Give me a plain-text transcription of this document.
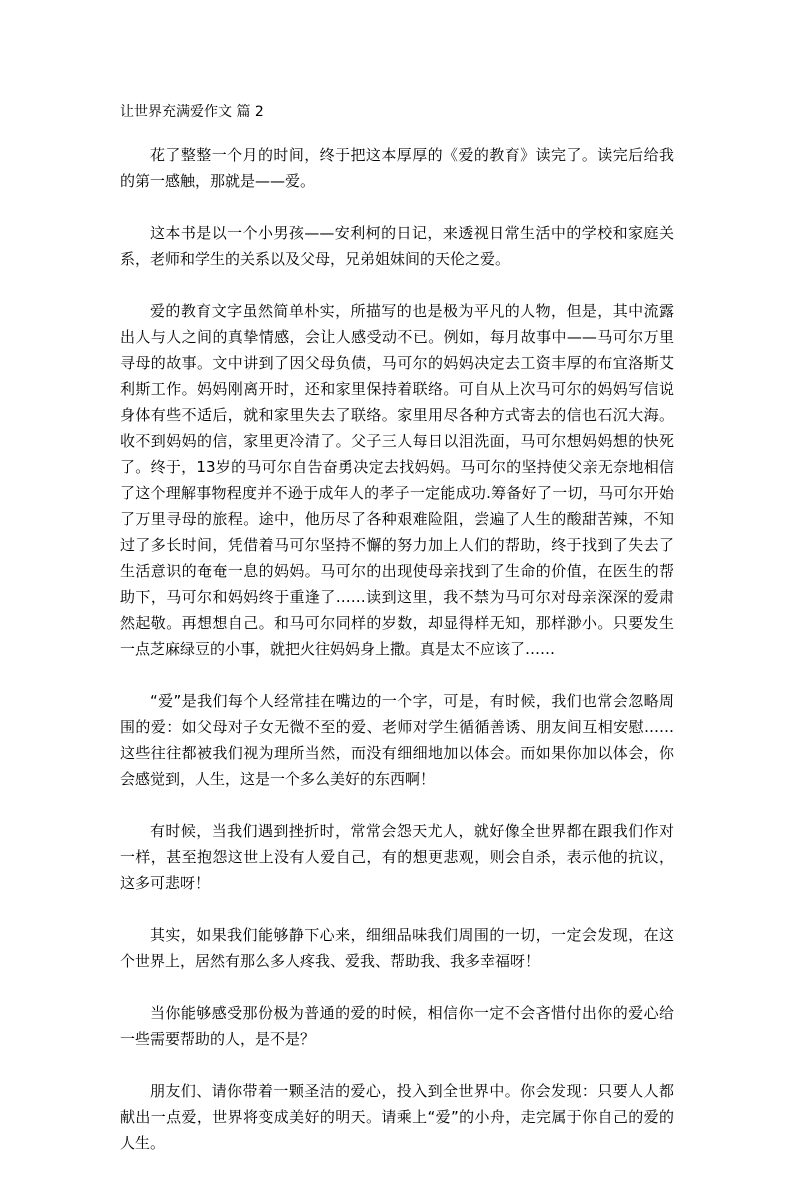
让世界充满爱作文 篇 2

花了整整一个月的时间，终于把这本厚厚的《爱的教育》读完了。读完后给我的第一感触，那就是——爱。

这本书是以一个小男孩——安利柯的日记，来透视日常生活中的学校和家庭关系，老师和学生的关系以及父母，兄弟姐妹间的天伦之爱。

爱的教育文字虽然简单朴实，所描写的也是极为平凡的人物，但是，其中流露出人与人之间的真挚情感，会让人感受动不已。例如，每月故事中——马可尔万里寻母的故事。文中讲到了因父母负债，马可尔的妈妈决定去工资丰厚的布宜洛斯艾利斯工作。妈妈刚离开时，还和家里保持着联络。可自从上次马可尔的妈妈写信说身体有些不适后，就和家里失去了联络。家里用尽各种方式寄去的信也石沉大海。收不到妈妈的信，家里更冷清了。父子三人每日以泪洗面，马可尔想妈妈想的快死了。终于，13岁的马可尔自告奋勇决定去找妈妈。马可尔的坚持使父亲无奈地相信了这个理解事物程度并不逊于成年人的孝子一定能成功.筹备好了一切，马可尔开始了万里寻母的旅程。途中，他历尽了各种艰难险阻，尝遍了人生的酸甜苦辣，不知过了多长时间，凭借着马可尔坚持不懈的努力加上人们的帮助，终于找到了失去了生活意识的奄奄一息的妈妈。马可尔的出现使母亲找到了生命的价值，在医生的帮助下，马可尔和妈妈终于重逢了……读到这里，我不禁为马可尔对母亲深深的爱肃然起敬。再想想自己。和马可尔同样的岁数，却显得样无知，那样渺小。只要发生一点芝麻绿豆的小事，就把火往妈妈身上撒。真是太不应该了……

“爱”是我们每个人经常挂在嘴边的一个字，可是，有时候，我们也常会忽略周围的爱：如父母对子女无微不至的爱、老师对学生循循善诱、朋友间互相安慰……这些往往都被我们视为理所当然，而没有细细地加以体会。而如果你加以体会，你会感觉到，人生，这是一个多么美好的东西啊！

有时候，当我们遇到挫折时，常常会怨天尤人，就好像全世界都在跟我们作对一样，甚至抱怨这世上没有人爱自己，有的想更悲观，则会自杀，表示他的抗议，这多可悲呀！

其实，如果我们能够静下心来，细细品味我们周围的一切，一定会发现，在这个世界上，居然有那么多人疼我、爱我、帮助我、我多幸福呀！

当你能够感受那份极为普通的爱的时候，相信你一定不会吝惜付出你的爱心给一些需要帮助的人，是不是？

朋友们、请你带着一颗圣洁的爱心，投入到全世界中。你会发现：只要人人都献出一点爱，世界将变成美好的明天。请乘上“爱”的小舟，走完属于你自己的爱的人生。
